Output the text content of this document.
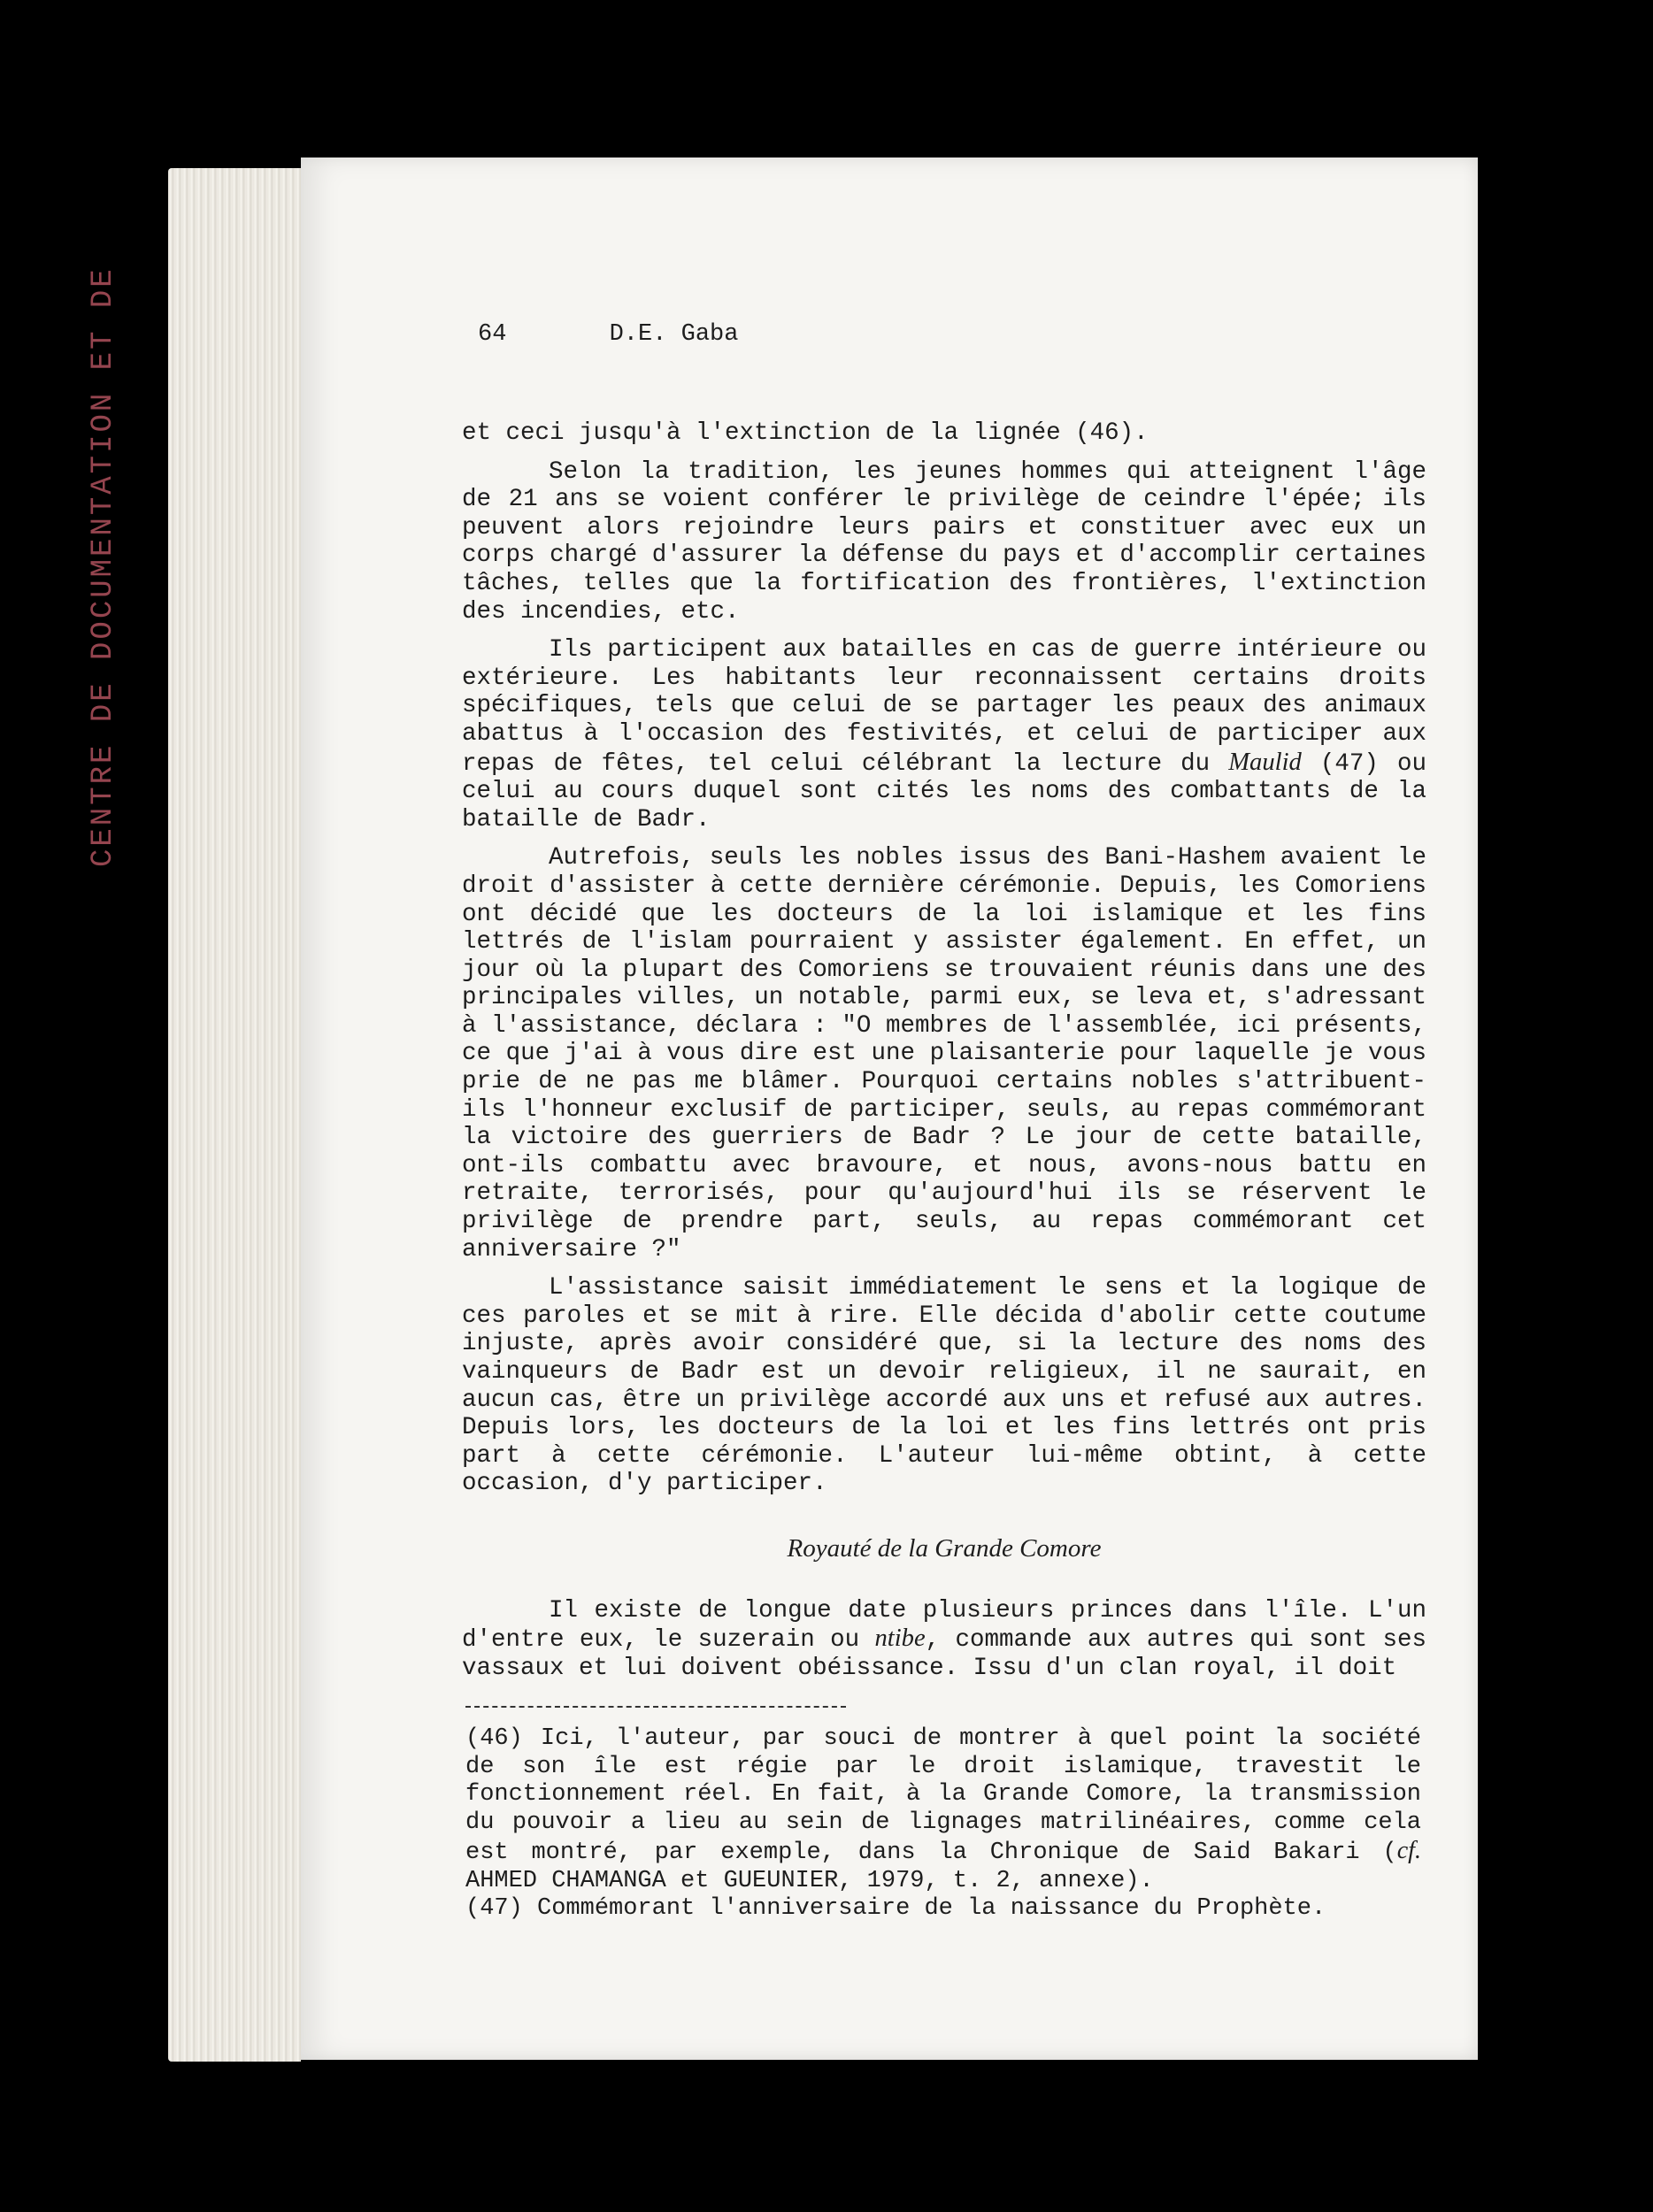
CENTRE DE DOCUMENTATION ET DE	64	D.E. Gaba

et ceci jusqu'à l'extinction de la lignée (46).

Selon la tradition, les jeunes hommes qui atteignent l'âge de 21 ans se voient conférer le privilège de ceindre l'épée; ils peuvent alors rejoindre leurs pairs et constituer avec eux un corps chargé d'assurer la défense du pays et d'accomplir certaines tâches, telles que la fortification des frontières, l'extinction des incendies, etc.

Ils participent aux batailles en cas de guerre intérieure ou extérieure. Les habitants leur reconnaissent certains droits spécifiques, tels que celui de se partager les peaux des animaux abattus à l'occasion des festivités, et celui de participer aux repas de fêtes, tel celui célébrant la lecture du Maulid (47) ou celui au cours duquel sont cités les noms des combattants de la bataille de Badr.

Autrefois, seuls les nobles issus des Bani-Hashem avaient le droit d'assister à cette dernière cérémonie. Depuis, les Comoriens ont décidé que les docteurs de la loi islamique et les fins lettrés de l'islam pourraient y assister également. En effet, un jour où la plupart des Comoriens se trouvaient réunis dans une des principales villes, un notable, parmi eux, se leva et, s'adressant à l'assistance, déclara : "O membres de l'assemblée, ici présents, ce que j'ai à vous dire est une plaisanterie pour laquelle je vous prie de ne pas me blâmer. Pourquoi certains nobles s'attribuent-ils l'honneur exclusif de participer, seuls, au repas commémorant la victoire des guerriers de Badr ? Le jour de cette bataille, ont-ils combattu avec bravoure, et nous, avons-nous battu en retraite, terrorisés, pour qu'aujourd'hui ils se réservent le privilège de prendre part, seuls, au repas commémorant cet anniversaire ?"

L'assistance saisit immédiatement le sens et la logique de ces paroles et se mit à rire. Elle décida d'abolir cette coutume injuste, après avoir considéré que, si la lecture des noms des vainqueurs de Badr est un devoir religieux, il ne saurait, en aucun cas, être un privilège accordé aux uns et refusé aux autres. Depuis lors, les docteurs de la loi et les fins lettrés ont pris part à cette cérémonie. L'auteur lui-même obtint, à cette occasion, d'y participer.

Royauté de la Grande Comore

Il existe de longue date plusieurs princes dans l'île. L'un d'entre eux, le suzerain ou ntibe, commande aux autres qui sont ses vassaux et lui doivent obéissance. Issu d'un clan royal, il doit

(46) Ici, l'auteur, par souci de montrer à quel point la société de son île est régie par le droit islamique, travestit le fonctionnement réel. En fait, à la Grande Comore, la transmission du pouvoir a lieu au sein de lignages matrilinéaires, comme cela est montré, par exemple, dans la Chronique de Said Bakari (cf. AHMED CHAMANGA et GUEUNIER, 1979, t. 2, annexe).

(47) Commémorant l'anniversaire de la naissance du Prophète.
